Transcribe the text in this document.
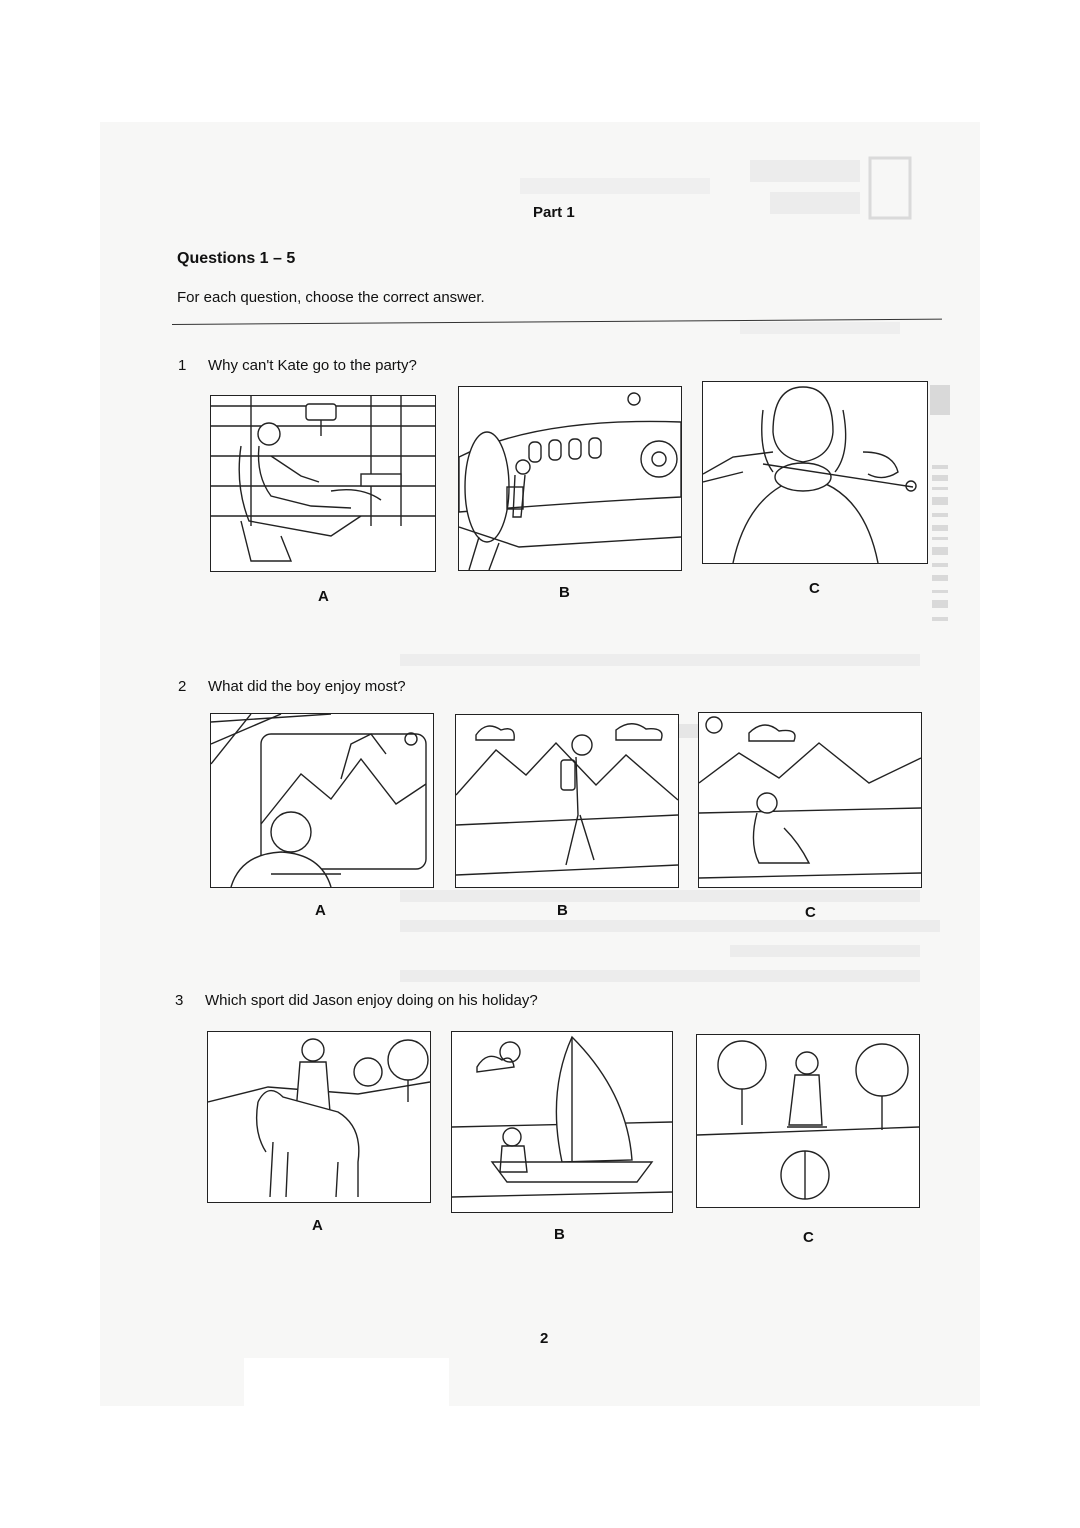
Part 1
Questions 1 – 5
For each question, choose the correct answer.
1 Why can't Kate go to the party?
A	B	C
2 What did the boy enjoy most?
A	B	C
3 Which sport did Jason enjoy doing on his holiday?
A
B	C
2
